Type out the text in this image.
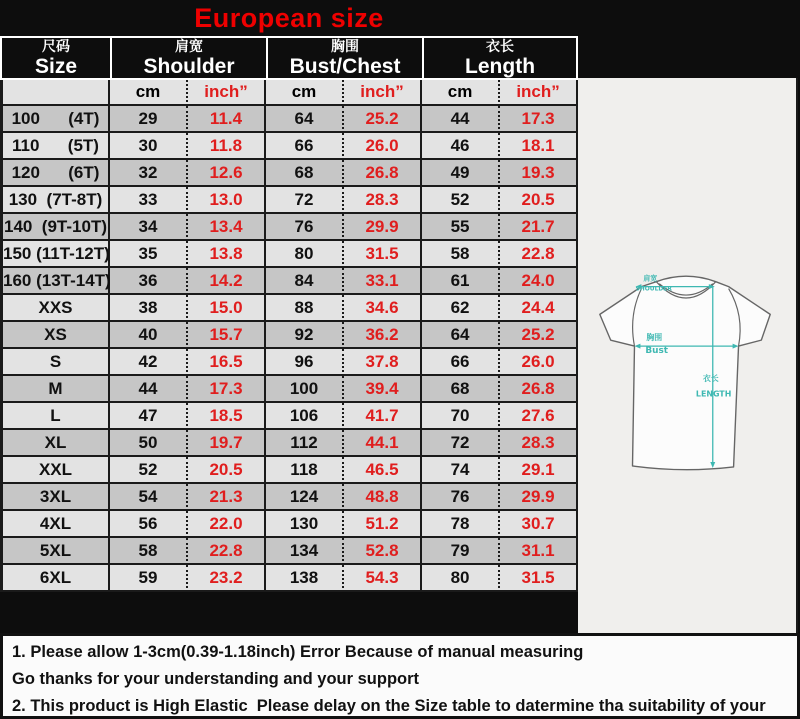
European size
尺码
Size

肩宽
Shoulder

胸围
Bust/Chest

衣长
Length

	cm	inch”	cm	inch”	cm	inch”
100      (4T)	29	11.4	64	25.2	44	17.3
110      (5T)	30	11.8	66	26.0	46	18.1
120      (6T)	32	12.6	68	26.8	49	19.3
130  (7T-8T)	33	13.0	72	28.3	52	20.5
140  (9T-10T)	34	13.4	76	29.9	55	21.7
150 (11T-12T)	35	13.8	80	31.5	58	22.8
160 (13T-14T)	36	14.2	84	33.1	61	24.0
XXS	38	15.0	88	34.6	62	24.4
XS	40	15.7	92	36.2	64	25.2
S	42	16.5	96	37.8	66	26.0
M	44	17.3	100	39.4	68	26.8
L	47	18.5	106	41.7	70	27.6
XL	50	19.7	112	44.1	72	28.3
XXL	52	20.5	118	46.5	74	29.1
3XL	54	21.3	124	48.8	76	29.9
4XL	56	22.0	130	51.2	78	30.7
5XL	58	22.8	134	52.8	79	31.1
6XL	59	23.2	138	54.3	80	31.5
肩宽
SHOULDER
胸围
Bust
衣长
LENGTH

1. Please allow 1-3cm(0.39-1.18inch) Error Because of manual measuring

Go thanks for your understanding and your support

2. This product is High Elastic  Please delay on the Size table to datermine tha suitability of your
